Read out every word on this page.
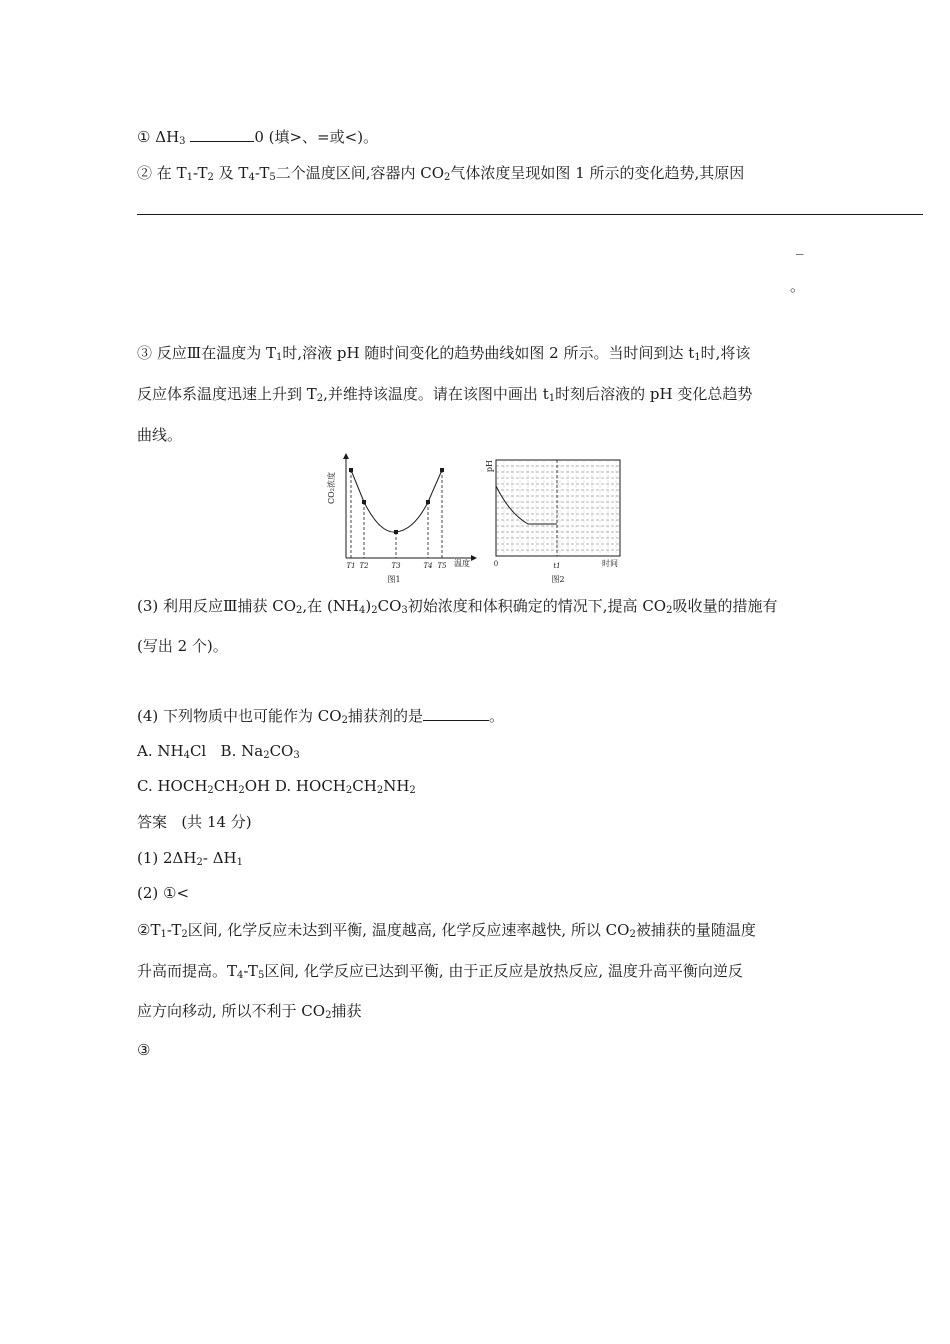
① $\Delta H_3$	0 (填>、=或<)。
② 在 $T_1-T_2$ 及 $T_4-T_5$二个温度区间,容器内 $CO_2$气体浓度呈现如图 1 所示的变化趋势,其原因
_
。
③ 反应Ⅲ在温度为 $T_1$时,溶液 pH 随时间变化的趋势曲线如图 2 所示。当时间到达 $t_1$时,将该
反应体系温度迅速上升到 $T_2$,并维持该温度。请在该图中画出 $t_1$时刻后溶液的 pH 变化总趋势
曲线。
CO₂浓度
T1 T2	T3	T4 T5 温度
图1
pH
0	t1	时间
图2
(3) 利用反应Ⅲ捕获 $CO_2$,在 $(NH_4)_2CO_3$初始浓度和体积确定的情况下,提高 $CO_2$吸收量的措施有
(写出 2 个)。
(4) 下列物质中也可能作为 $CO_2$捕获剂的是	。
A. $NH_4Cl$ B. $Na_2CO_3$
C. $HOCH_2CH_2OH$ D. $HOCH_2CH_2NH_2$
答案 (共 14 分)
(1) $2\Delta H_2-$ $\Delta H_1$
(2) ①<
$②T_1-T_2$区间, 化学反应未达到平衡, 温度越高, 化学反应速率越快, 所以 $CO_2$被捕获的量随温度
升高而提高。$T_4-T_5$区间, 化学反应已达到平衡, 由于正反应是放热反应, 温度升高平衡向逆反
应方向移动, 所以不利于 $CO_2$捕获
③
